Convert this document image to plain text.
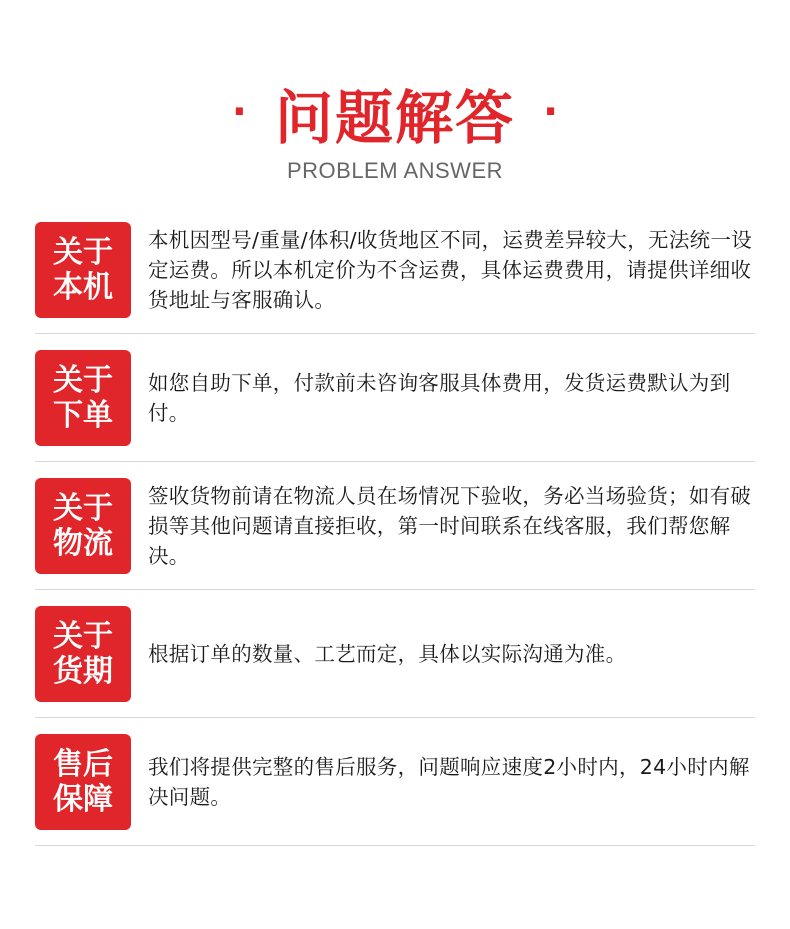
· 问题解答 ·
PROBLEM ANSWER
关于
本机
本机因型号/重量/体积/收货地区不同，运费差异较大，无法统一设定运费。所以本机定价为不含运费，具体运费费用，请提供详细收货地址与客服确认。
关于
下单
如您自助下单，付款前未咨询客服具体费用，发货运费默认为到付。
关于
物流
签收货物前请在物流人员在场情况下验收，务必当场验货；如有破损等其他问题请直接拒收，第一时间联系在线客服，我们帮您解决。
关于
货期 根据订单的数量、工艺而定，具体以实际沟通为准。
售后
保障
我们将提供完整的售后服务，问题响应速度2小时内，24小时内解决问题。
